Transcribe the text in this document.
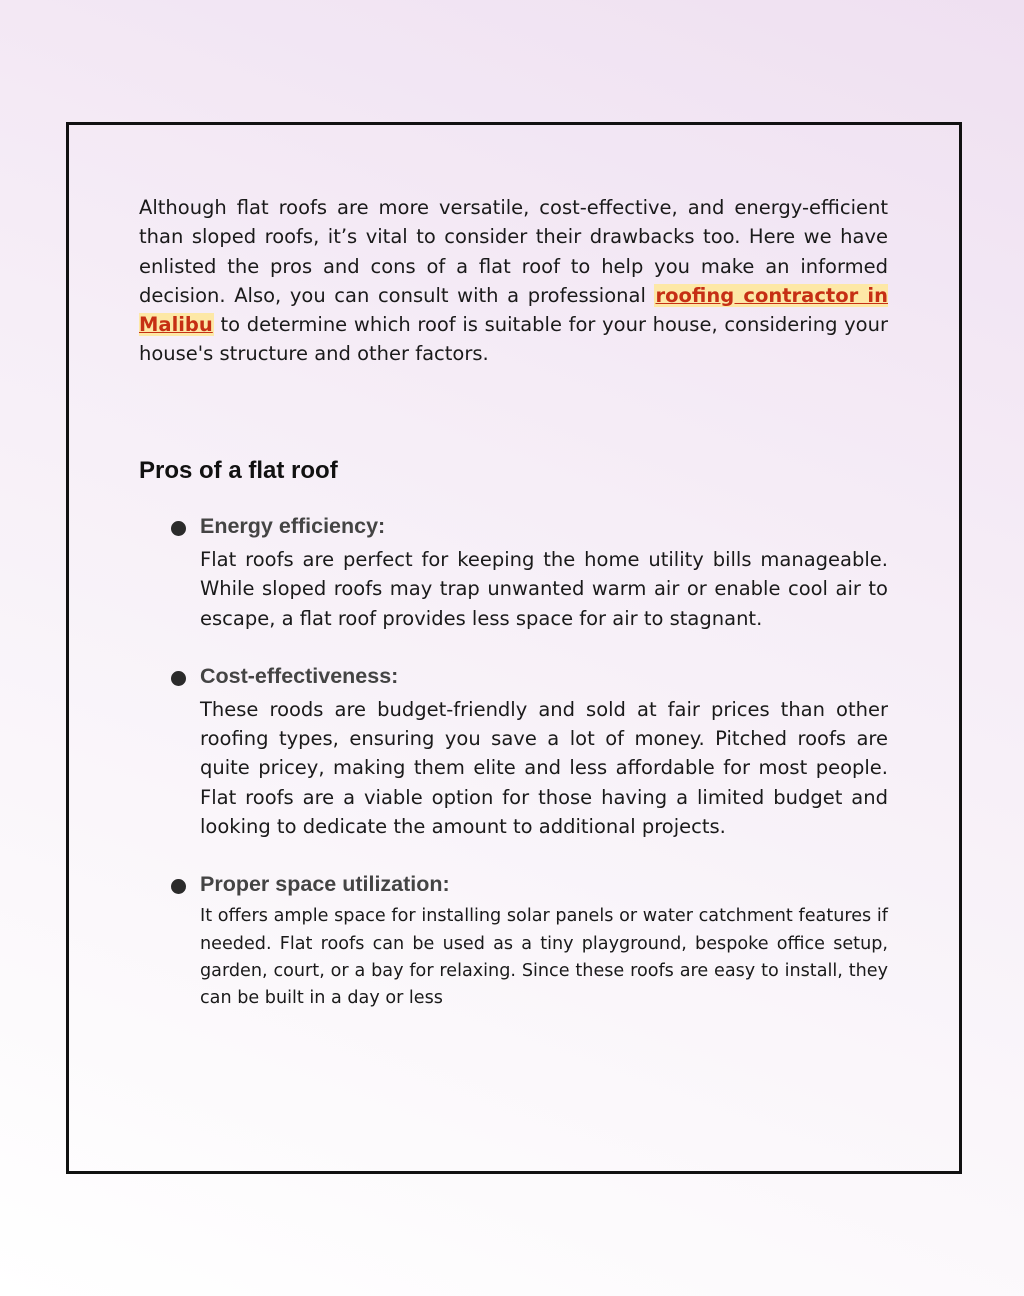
Although flat roofs are more versatile, cost-effective, and energy-efficient than sloped roofs, it’s vital to consider their drawbacks too. Here we have enlisted the pros and cons of a flat roof to help you make an informed decision. Also, you can consult with a professional roofing contractor in Malibu to determine which roof is suitable for your house, considering your house's structure and other factors.

Pros of a flat roof
Energy efficiency:

Flat roofs are perfect for keeping the home utility bills manageable. While sloped roofs may trap unwanted warm air or enable cool air to escape, a flat roof provides less space for air to stagnant.

Cost-effectiveness:

These roods are budget-friendly and sold at fair prices than other roofing types, ensuring you save a lot of money. Pitched roofs are quite pricey, making them elite and less affordable for most people. Flat roofs are a viable option for those having a limited budget and looking to dedicate the amount to additional projects.

Proper space utilization:

It offers ample space for installing solar panels or water catchment features if needed. Flat roofs can be used as a tiny playground, bespoke office setup, garden, court, or a bay for relaxing. Since these roofs are easy to install, they can be built in a day or less
